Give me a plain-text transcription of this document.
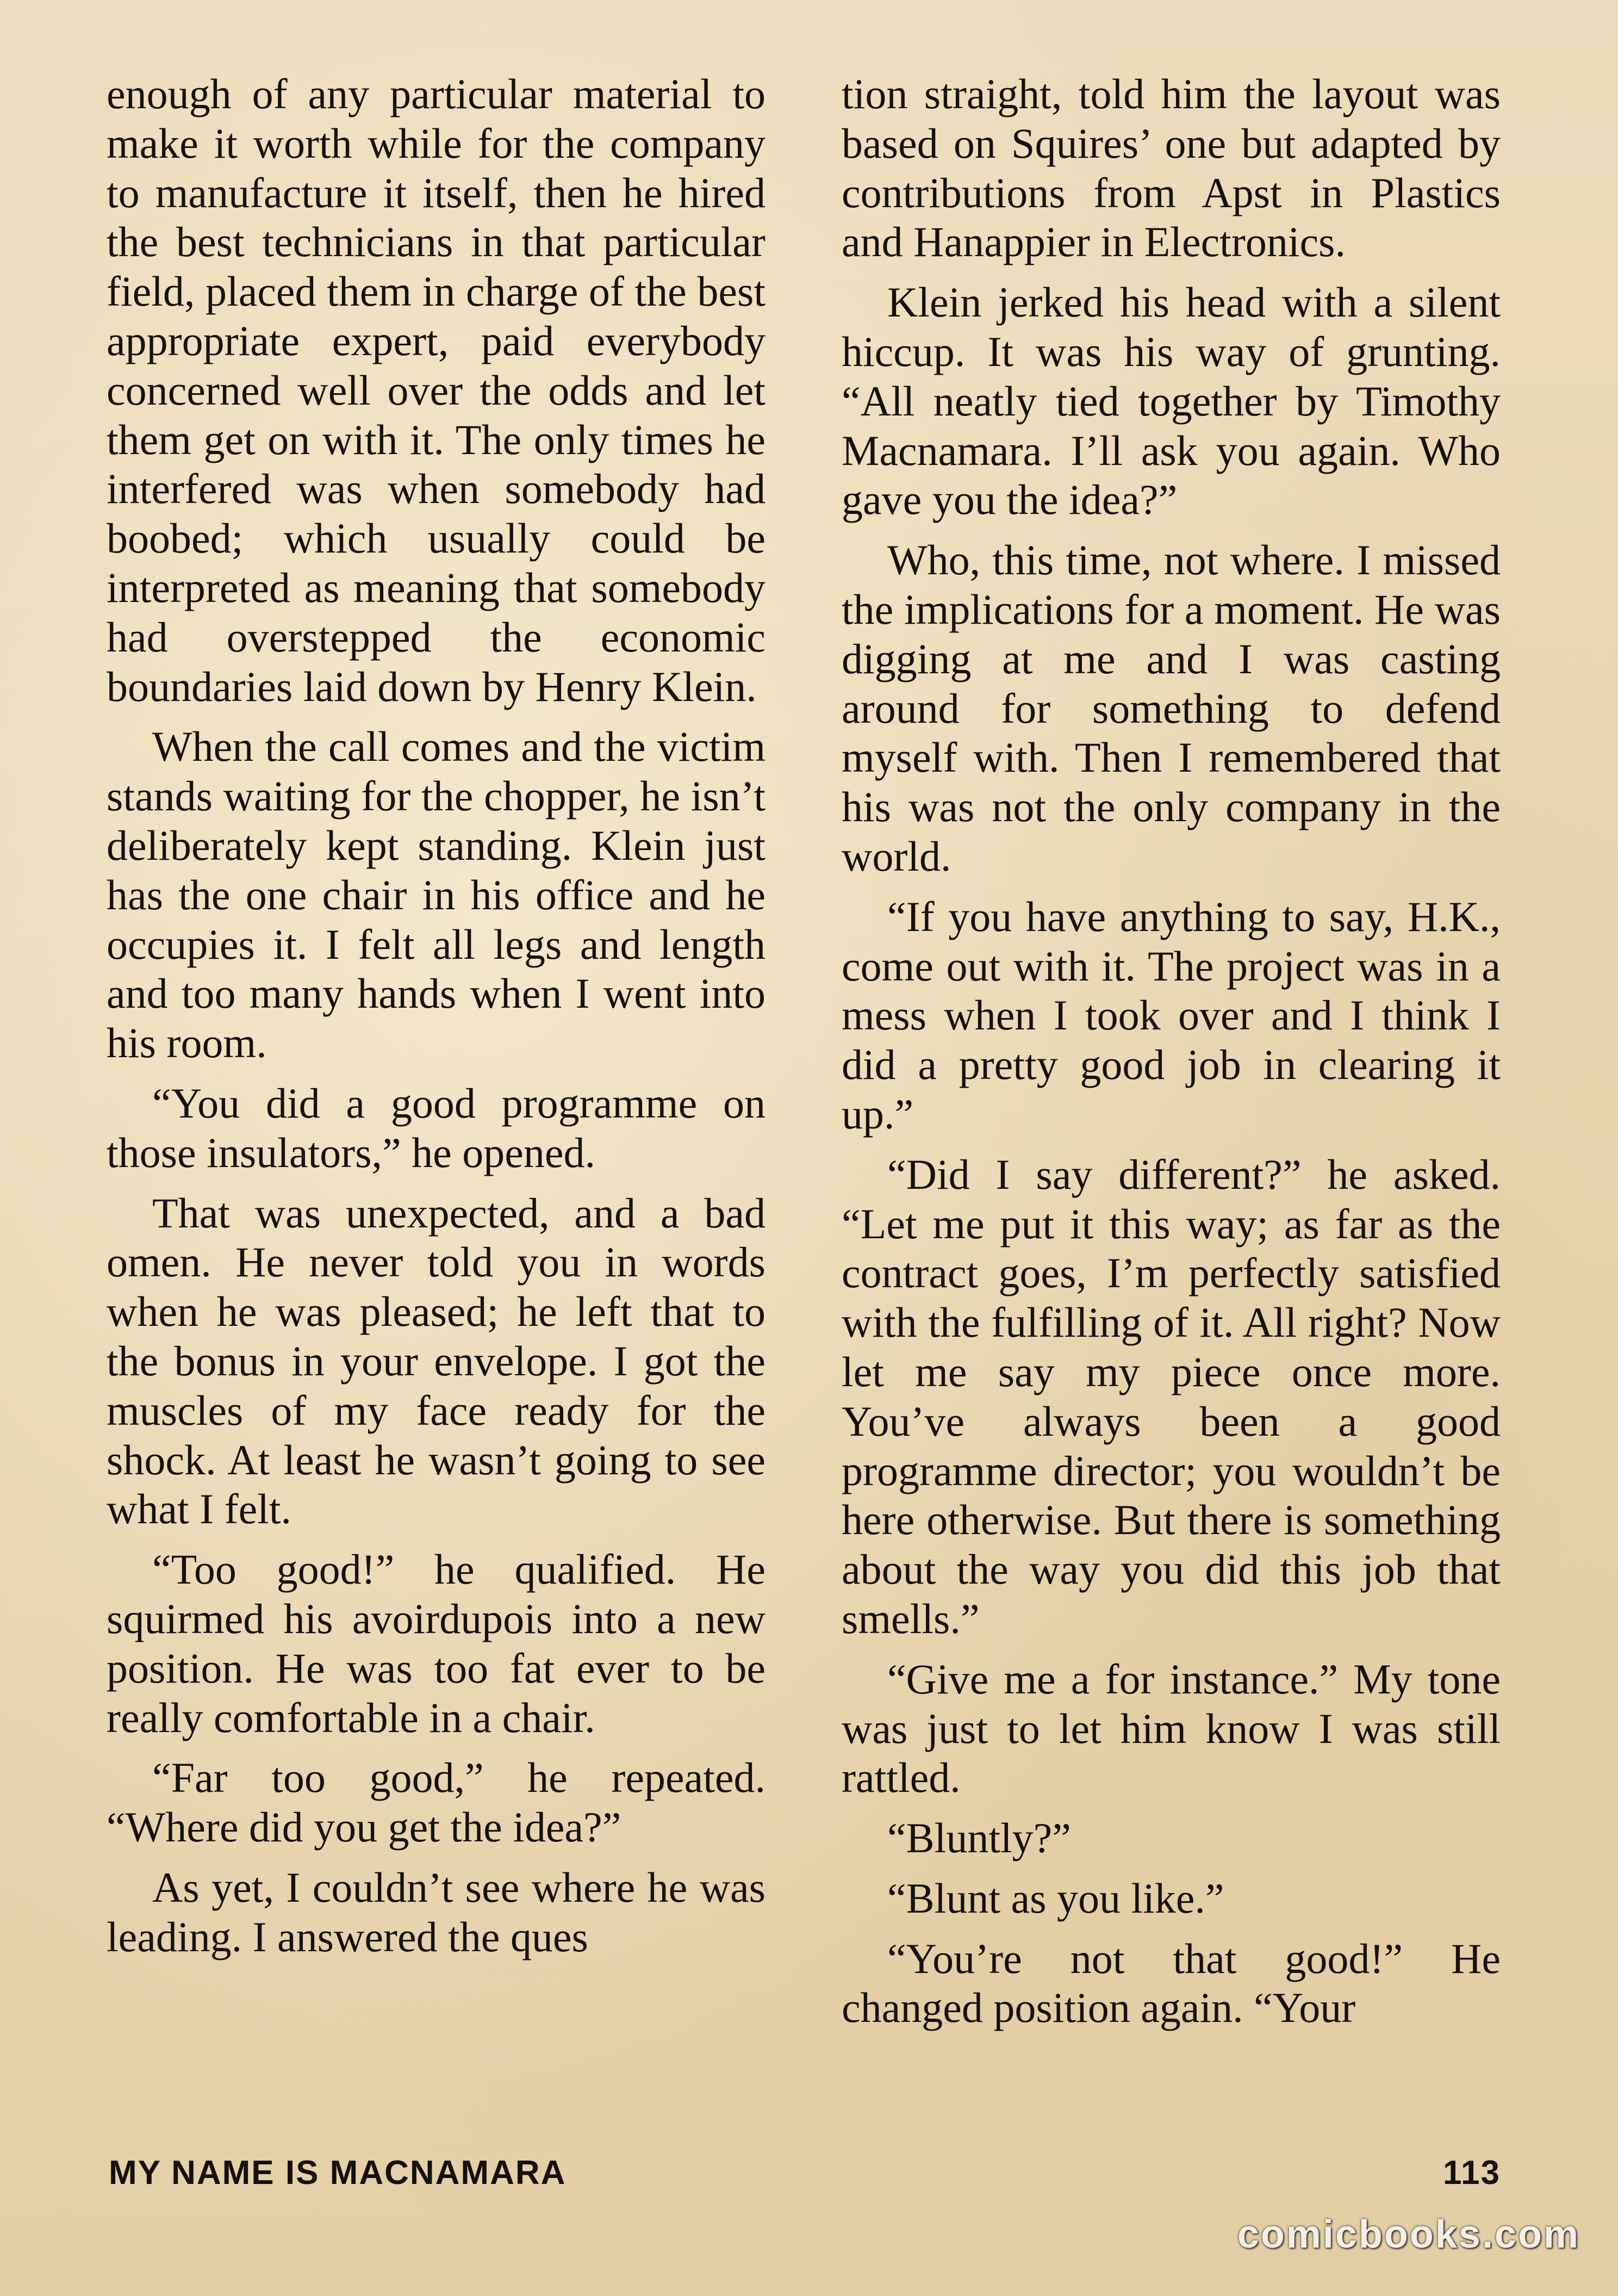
enough of any particular material to make it worth while for the company to manufacture it itself, then he hired the best technicians in that particular field, placed them in charge of the best appropriate expert, paid everybody concerned well over the odds and let them get on with it. The only times he interfered was when somebody had boobed; which usually could be interpreted as meaning that somebody had overstepped the economic boundaries laid down by Henry Klein.

When the call comes and the victim stands waiting for the chopper, he isn’t deliberately kept standing. Klein just has the one chair in his office and he occupies it. I felt all legs and length and too many hands when I went into his room.

“You did a good programme on those insulators,” he opened.

That was unexpected, and a bad omen. He never told you in words when he was pleased; he left that to the bonus in your envelope. I got the muscles of my face ready for the shock. At least he wasn’t going to see what I felt.

“Too good!” he qualified. He squirmed his avoirdupois into a new position. He was too fat ever to be really comfortable in a chair.

“Far too good,” he repeated. “Where did you get the idea?”

As yet, I couldn’t see where he was leading. I answered the ques

tion straight, told him the layout was based on Squires’ one but adapted by contributions from Apst in Plastics and Hanappier in Electronics.

Klein jerked his head with a silent hiccup. It was his way of grunting. “All neatly tied together by Timothy Macnamara. I’ll ask you again. Who gave you the idea?”

Who, this time, not where. I missed the implications for a moment. He was digging at me and I was casting around for something to defend myself with. Then I remembered that his was not the only company in the world.

“If you have anything to say, H.K., come out with it. The project was in a mess when I took over and I think I did a pretty good job in clearing it up.”

“Did I say different?” he asked. “Let me put it this way; as far as the contract goes, I’m perfectly satisfied with the fulfilling of it. All right? Now let me say my piece once more. You’ve always been a good programme director; you wouldn’t be here otherwise. But there is something about the way you did this job that smells.”

“Give me a for instance.” My tone was just to let him know I was still rattled.

“Bluntly?”

“Blunt as you like.”

“You’re not that good!” He changed position again. “Your

MY NAME IS MACNAMARA	113
comicbooks.com
